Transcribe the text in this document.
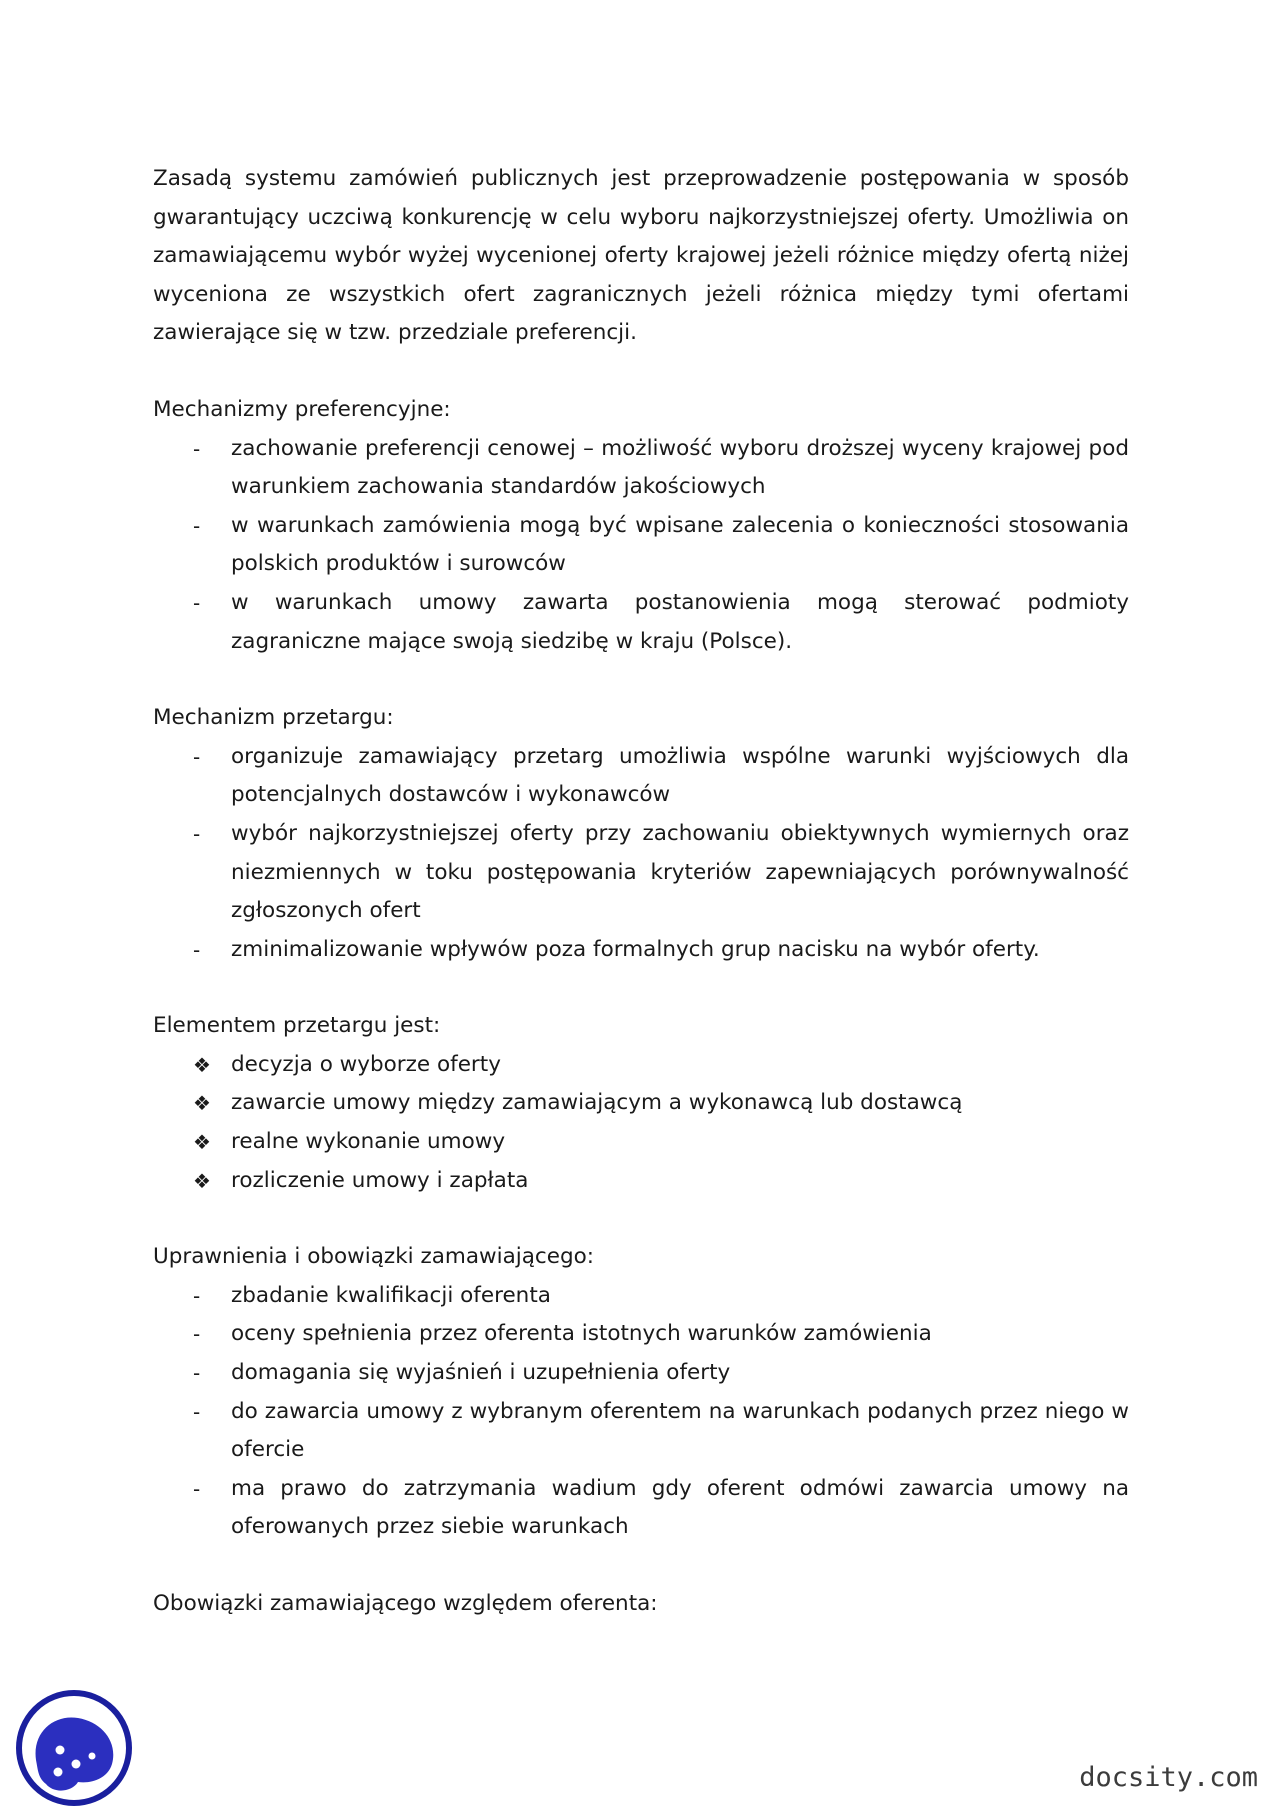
Zasadą systemu zamówień publicznych jest przeprowadzenie postępowania w sposób gwarantujący uczciwą konkurencję w celu wyboru najkorzystniejszej oferty. Umożliwia on zamawiającemu wybór wyżej wycenionej oferty krajowej jeżeli różnice między ofertą niżej wyceniona ze wszystkich ofert zagranicznych jeżeli różnica między tymi ofertami zawierające się w tzw. przedziale preferencji.

Mechanizmy preferencyjne:

-	zachowanie preferencji cenowej – możliwość wyboru droższej wyceny krajowej pod warunkiem zachowania standardów jakościowych
-	w warunkach zamówienia mogą być wpisane zalecenia o konieczności stosowania polskich produktów i surowców
-	w warunkach umowy zawarta postanowienia mogą sterować podmioty zagraniczne mające swoją siedzibę w kraju (Polsce).

Mechanizm przetargu:

-	organizuje zamawiający przetarg umożliwia wspólne warunki wyjściowych dla potencjalnych dostawców i wykonawców
-	wybór najkorzystniejszej oferty przy zachowaniu obiektywnych wymiernych oraz niezmiennych w toku postępowania kryteriów zapewniających porównywalność zgłoszonych ofert
-	zminimalizowanie wpływów poza formalnych grup nacisku na wybór oferty.

Elementem przetargu jest:

❖ decyzja o wyborze oferty
❖ zawarcie umowy między zamawiającym a wykonawcą lub dostawcą
❖ realne wykonanie umowy
❖ rozliczenie umowy i zapłata

Uprawnienia i obowiązki zamawiającego:

-	zbadanie kwalifikacji oferenta
-	oceny spełnienia przez oferenta istotnych warunków zamówienia
-	domagania się wyjaśnień i uzupełnienia oferty
-	do zawarcia umowy z wybranym oferentem na warunkach podanych przez niego w ofercie
-	ma prawo do zatrzymania wadium gdy oferent odmówi zawarcia umowy na oferowanych przez siebie warunkach

Obowiązki zamawiającego względem oferenta:

docsity.com
